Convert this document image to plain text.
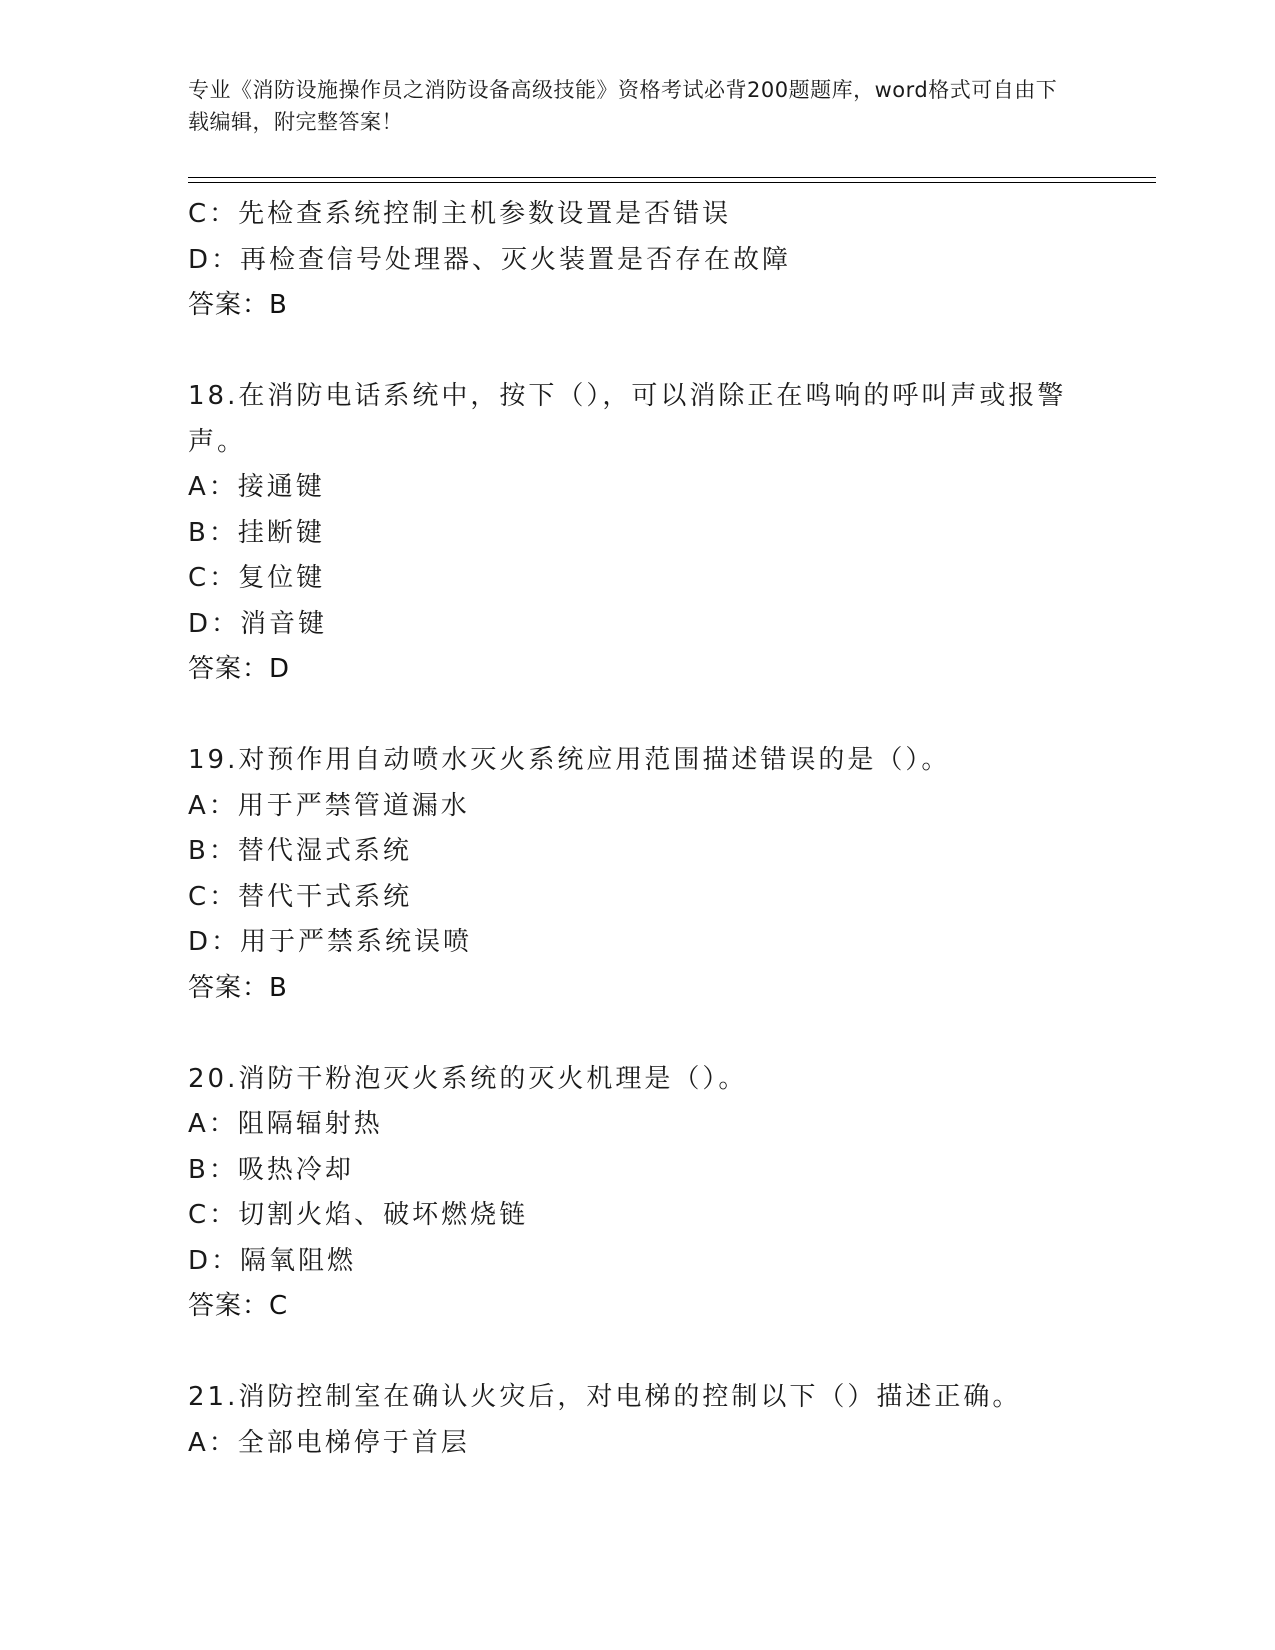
专业《消防设施操作员之消防设备高级技能》资格考试必背200题题库，word格式可自由下载编辑，附完整答案！
C：先检查系统控制主机参数设置是否错误
D：再检查信号处理器、灭火装置是否存在故障
答案：B
18.在消防电话系统中，按下（），可以消除正在鸣响的呼叫声或报警
声。
A：接通键
B：挂断键
C：复位键
D：消音键
答案：D
19.对预作用自动喷水灭火系统应用范围描述错误的是（）。
A：用于严禁管道漏水
B：替代湿式系统
C：替代干式系统
D：用于严禁系统误喷
答案：B
20.消防干粉泡灭火系统的灭火机理是（）。
A：阻隔辐射热
B：吸热冷却
C：切割火焰、破坏燃烧链
D：隔氧阻燃
答案：C
21.消防控制室在确认火灾后，对电梯的控制以下（）描述正确。
A：全部电梯停于首层
